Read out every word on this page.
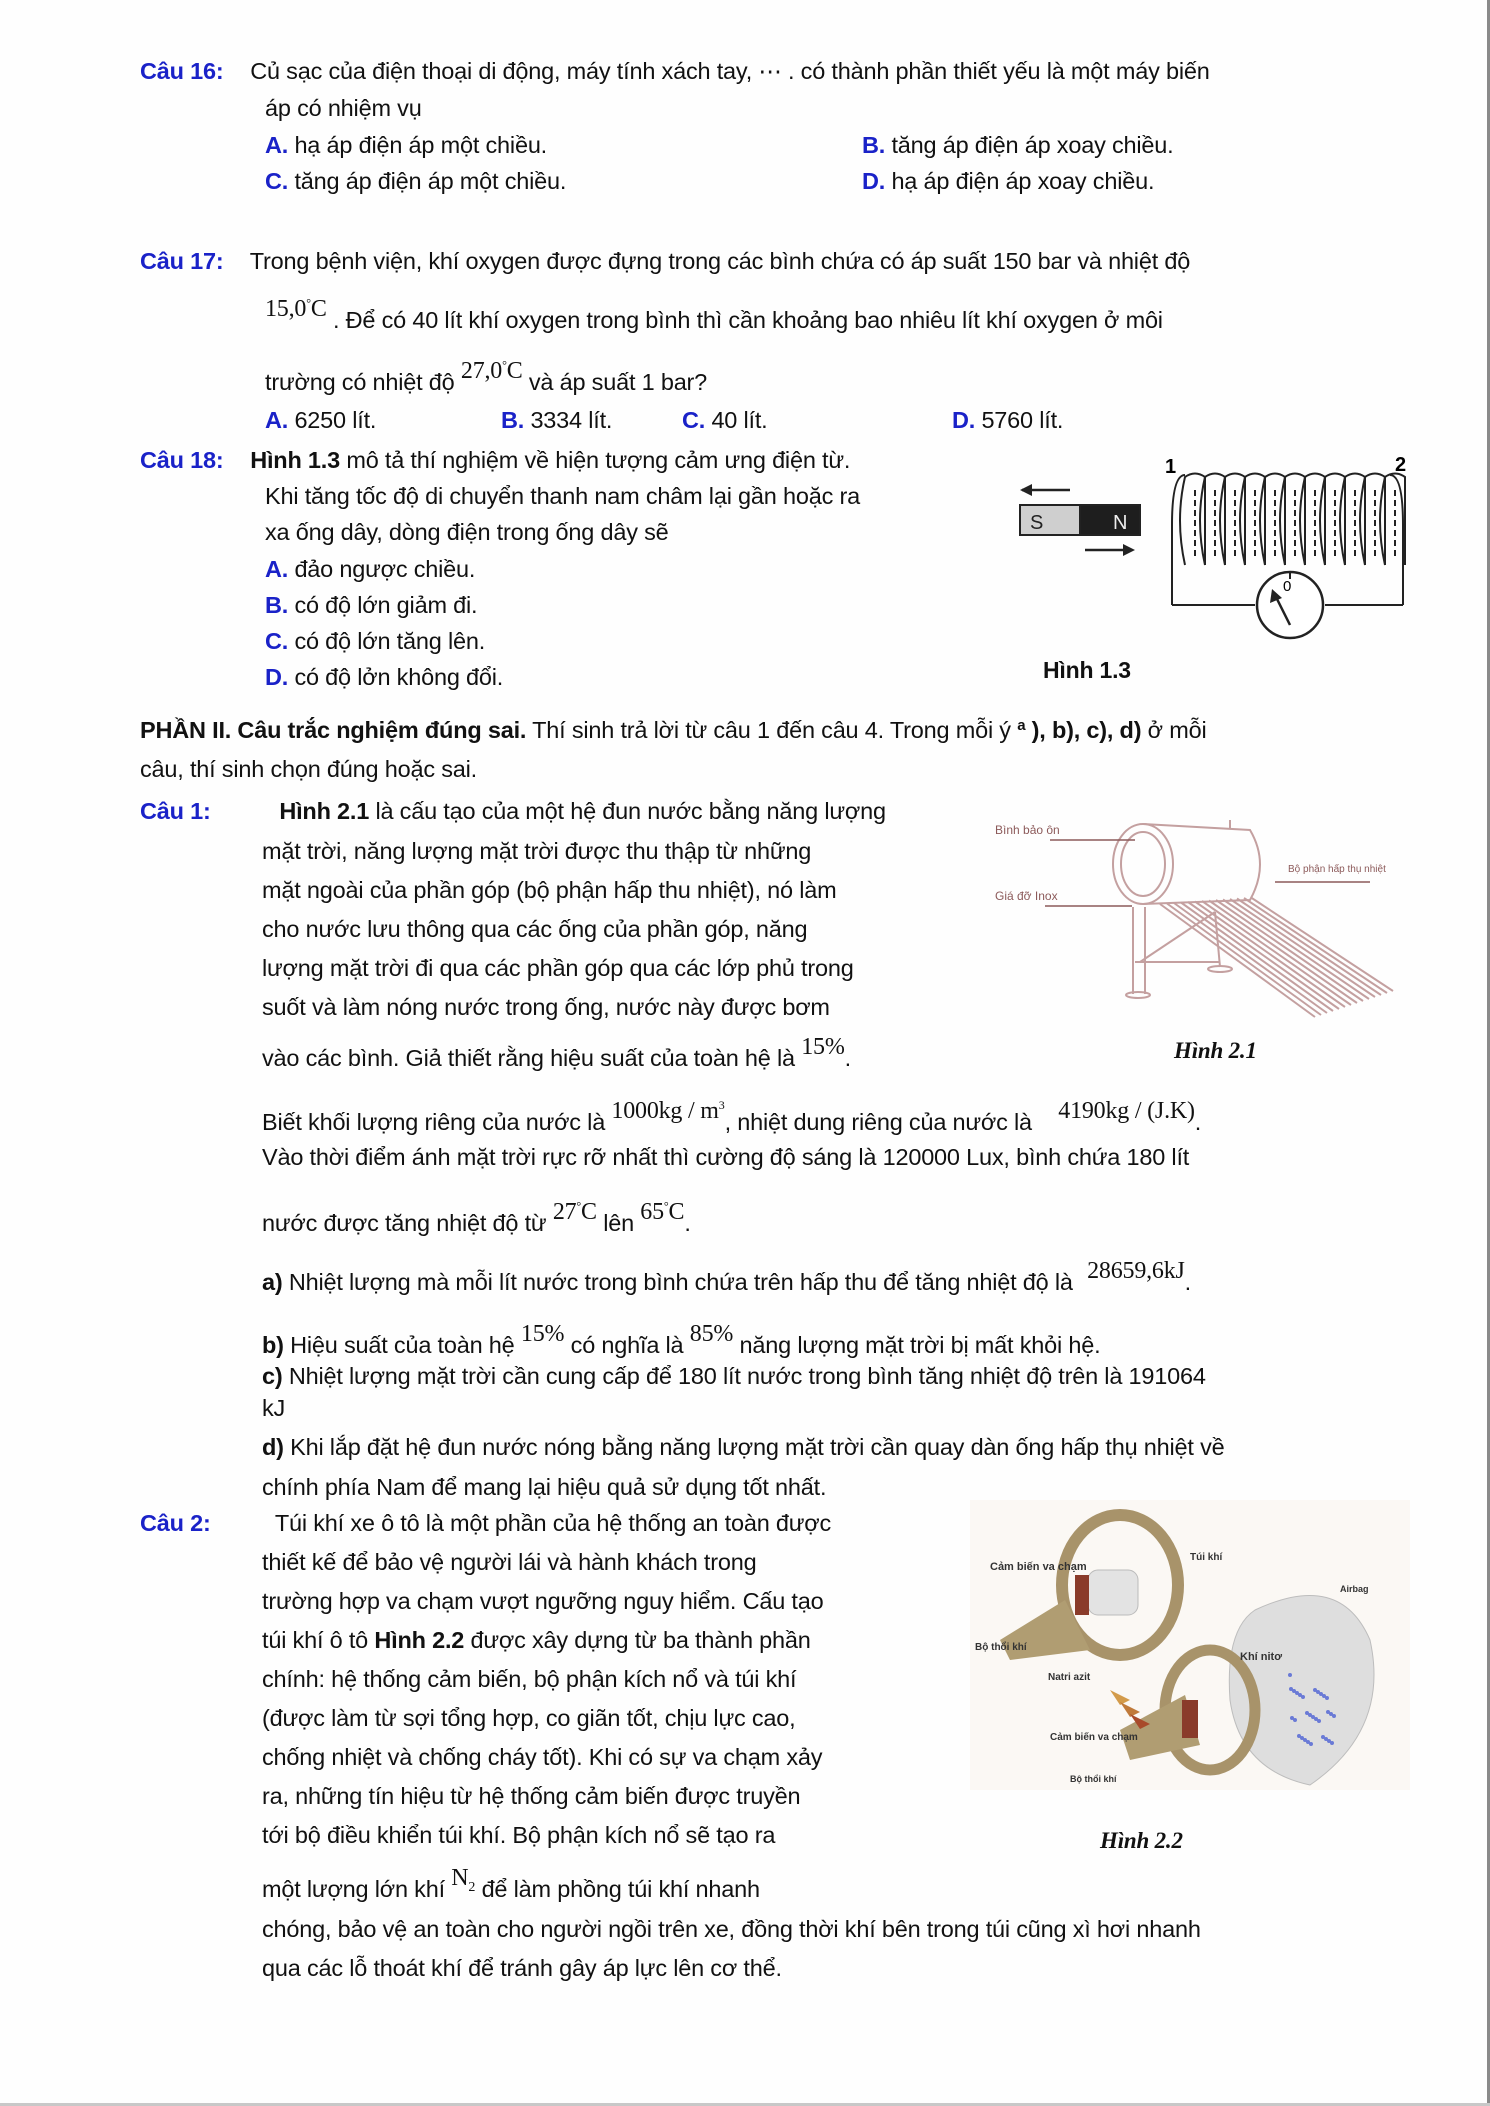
Câu 16: Củ sạc của điện thoại di động, máy tính xách tay, ⋯ . có thành phần thiết yếu là một máy biến
áp có nhiệm vụ
A. hạ áp điện áp một chiều.	B. tăng áp điện áp xoay chiều.
C. tăng áp điện áp một chiều.	D. hạ áp điện áp xoay chiều.
Câu 17: Trong bệnh viện, khí oxygen được đựng trong các bình chứa có áp suất 150 bar và nhiệt độ
15,0°C . Để có 40 lít khí oxygen trong bình thì cần khoảng bao nhiêu lít khí oxygen ở môi
trường có nhiệt độ 27,0°C và áp suất 1 bar?
A. 6250 lít.	B. 3334 lít.	C. 40 lít.	D. 5760 lít.
Câu 18: Hình 1.3 mô tả thí nghiệm về hiện tượng cảm ưng điện từ.
Khi tăng tốc độ di chuyển thanh nam châm lại gần hoặc ra
xa ống dây, dòng điện trong ống dây sẽ
A. đảo ngược chiều.
B. có độ lớn giảm đi.
C. có độ lớn tăng lên.
D. có độ lởn không đổi.
1	2
S	N
0
Hình 1.3
PHẦN II. Câu trắc nghiệm đúng sai. Thí sinh trả lời từ câu 1 đến câu 4. Trong mỗi ý $^a$ ), b), c), d) ở mỗi
câu, thí sinh chọn đúng hoặc sai.
Câu 1:	Hình 2.1 là cấu tạo của một hệ đun nước bằng năng lượng
mặt trời, năng lượng mặt trời được thu thập từ những
mặt ngoài của phần góp (bộ phận hấp thu nhiệt), nó làm
cho nước lưu thông qua các ống của phần góp, năng
lượng mặt trời đi qua các phần góp qua các lớp phủ trong
suốt và làm nóng nước trong ống, nước này được bơm
vào các bình. Giả thiết rằng hiệu suất của toàn hệ là 15%.
Biết khối lượng riêng của nước là $1000kg / m^3$, nhiệt dung riêng của nước là 4190kg / (J.K).
Vào thời điểm ánh mặt trời rực rỡ nhất thì cường độ sáng là 120000 Lux, bình chứa 180 lít
nước được tăng nhiệt độ từ 27°C lên 65°C.
a) Nhiệt lượng mà mỗi lít nước trong bình chứa trên hấp thu để tăng nhiệt độ là 28659,6kJ.
b) Hiệu suất của toàn hệ 15% có nghĩa là 85% năng lượng mặt trời bị mất khỏi hệ.
c) Nhiệt lượng mặt trời cần cung cấp để 180 lít nước trong bình tăng nhiệt độ trên là 191064
kJ
d) Khi lắp đặt hệ đun nước nóng bằng năng lượng mặt trời cần quay dàn ống hấp thụ nhiệt về
chính phía Nam để mang lại hiệu quả sử dụng tốt nhất.
Bình bảo ôn
Bộ phận hấp thụ nhiệt
Giá đỡ Inox
Hình 2.1
Câu 2:	Túi khí xe ô tô là một phần của hệ thống an toàn được
thiết kế để bảo vệ người lái và hành khách trong
trường hợp va chạm vượt ngưỡng nguy hiểm. Cấu tạo
túi khí ô tô Hình 2.2 được xây dựng từ ba thành phần
chính: hệ thống cảm biến, bộ phận kích nổ và túi khí
(được làm từ sợi tổng hợp, co giãn tốt, chịu lực cao,
chống nhiệt và chống cháy tốt). Khi có sự va chạm xảy
ra, những tín hiệu từ hệ thống cảm biến được truyền
tới bộ điều khiển túi khí. Bộ phận kích nổ sẽ tạo ra
một lượng lớn khí $N_2$ để làm phồng túi khí nhanh
chóng, bảo vệ an toàn cho người ngồi trên xe, đồng thời khí bên trong túi cũng xì hơi nhanh
qua các lỗ thoát khí để tránh gây áp lực lên cơ thể.
Cảm biến va chạm
Bộ thổi khí
Natri azit
Túi khí
Airbag
Khí nitơ
Cảm biến va chạm
Bộ thổi khí
Hình 2.2
